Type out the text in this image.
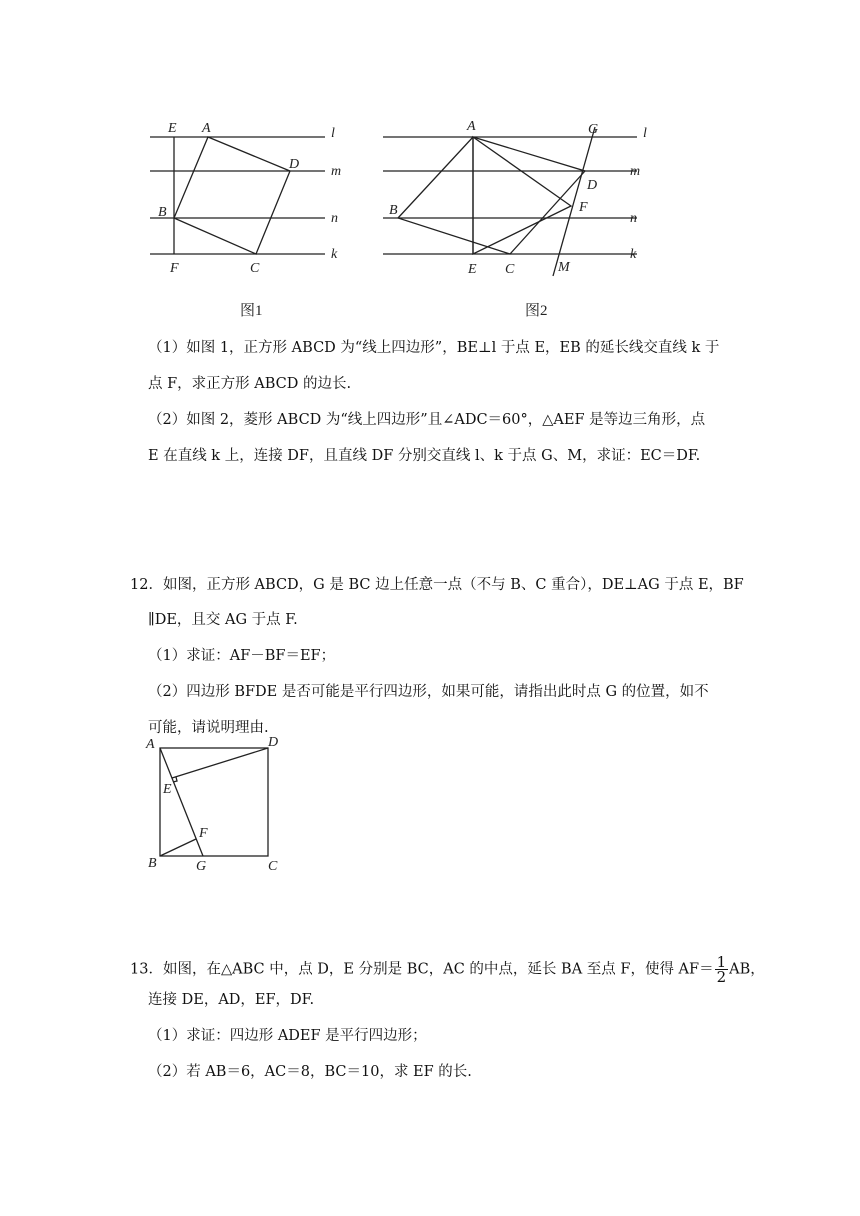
E A
D
B
F	C
l
m
n
k
图1
A	G
D
B	F
E C	M
l
m
n
k
图2
（1）如图 1，正方形 ABCD 为“线上四边形”，BE⊥l 于点 E，EB 的延长线交直线 k 于
点 F，求正方形 ABCD 的边长.
（2）如图 2，菱形 ABCD 为“线上四边形”且∠ADC＝60°，△AEF 是等边三角形，点
E 在直线 k 上，连接 DF，且直线 DF 分别交直线 l、k 于点 G、M，求证：EC＝DF.
12．如图，正方形 ABCD，G 是 BC 边上任意一点（不与 B、C 重合），DE⊥AG 于点 E，BF
∥DE，且交 AG 于点 F.
（1）求证：AF－BF＝EF；
（2）四边形 BFDE 是否可能是平行四边形，如果可能，请指出此时点 G 的位置，如不
可能，请说明理由.
A	D
E
F
B	G	C
13．如图，在△ABC 中，点 D，E 分别是 BC，AC 的中点，延长 BA 至点 F，使得 $AF= \frac{1}{2}$ AB，
连接 DE，AD，EF，DF.
（1）求证：四边形 ADEF 是平行四边形；
（2）若 AB＝6，AC＝8，BC＝10，求 EF 的长.
